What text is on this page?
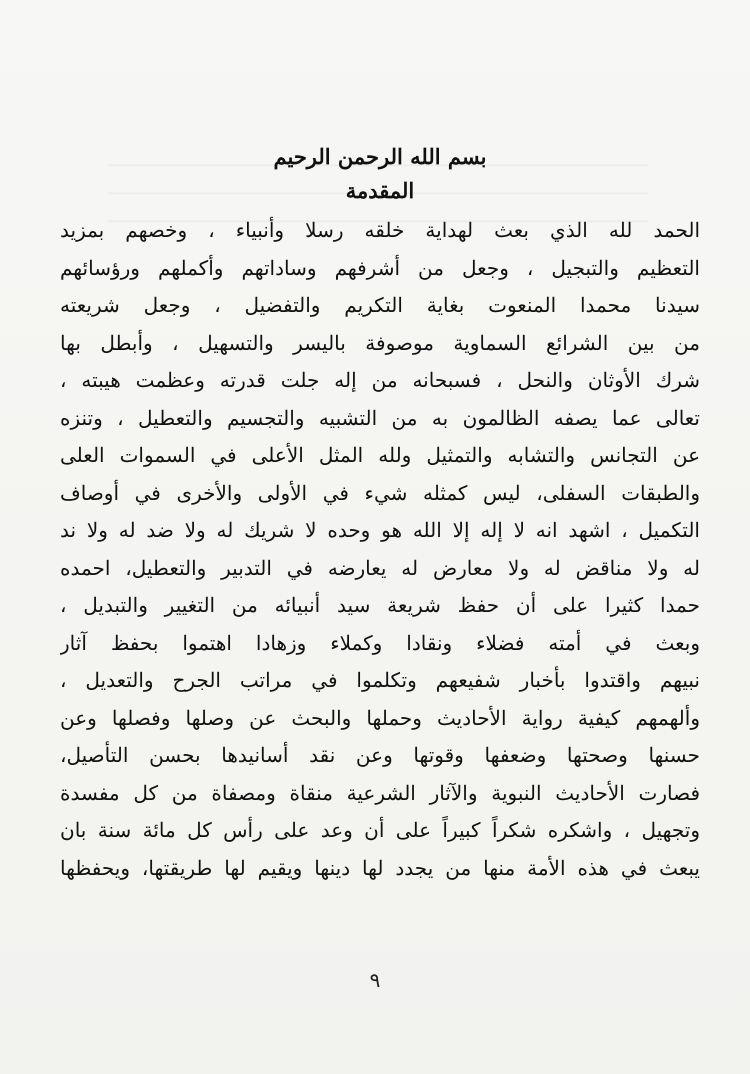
بسم الله الرحمن الرحيم
المقدمة
الحمد لله الذي بعث لهداية خلقه رسلا وأنبياء ، وخصهم بمزيد
التعظيم والتبجيل ، وجعل من أشرفهم وساداتهم وأكملهم ورؤسائهم
سيدنا محمدا المنعوت بغاية التكريم والتفضيل ، وجعل شريعته
من بين الشرائع السماوية موصوفة باليسر والتسهيل ، وأبطل بها
شرك الأوثان والنحل ، فسبحانه من إله جلت قدرته وعظمت هيبته ،
تعالى عما يصفه الظالمون به من التشبيه والتجسيم والتعطيل ، وتنزه
عن التجانس والتشابه والتمثيل ولله المثل الأعلى في السموات العلى
والطبقات السفلى، ليس كمثله شيء في الأولى والأخرى في أوصاف
التكميل ، اشهد انه لا إله إلا الله هو وحده لا شريك له ولا ضد له ولا ند
له ولا مناقض له ولا معارض له يعارضه في التدبير والتعطيل، احمده
حمدا كثيرا على أن حفظ شريعة سيد أنبيائه من التغيير والتبديل ،
وبعث في أمته فضلاء ونقادا وكملاء وزهادا اهتموا بحفظ آثار
نبيهم واقتدوا بأخبار شفيعهم وتكلموا في مراتب الجرح والتعديل ،
وألهمهم كيفية رواية الأحاديث وحملها والبحث عن وصلها وفصلها وعن
حسنها وصحتها وضعفها وقوتها وعن نقد أسانيدها بحسن التأصيل،
فصارت الأحاديث النبوية والآثار الشرعية منقاة ومصفاة من كل مفسدة
وتجهيل ، واشكره شكراً كبيراً على أن وعد على رأس كل مائة سنة بان
يبعث في هذه الأمة منها من يجدد لها دينها ويقيم لها طريقتها، ويحفظها
٩
